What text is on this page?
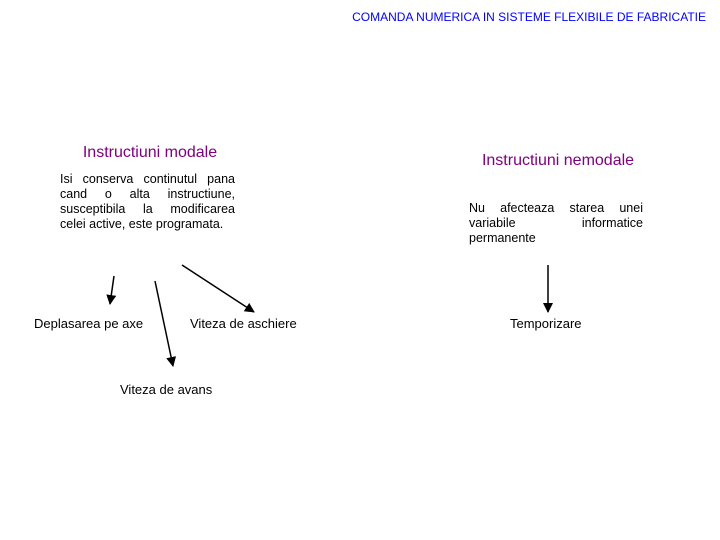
COMANDA NUMERICA IN SISTEME FLEXIBILE DE FABRICATIE
Instructiuni modale
Isi conserva continutul pana cand o alta instructiune, susceptibila la modificarea celei active, este programata.
Instructiuni nemodale
Nu afecteaza starea unei variabile informatice permanente
Deplasarea pe axe	Viteza de aschiere
Viteza de avans
Temporizare
